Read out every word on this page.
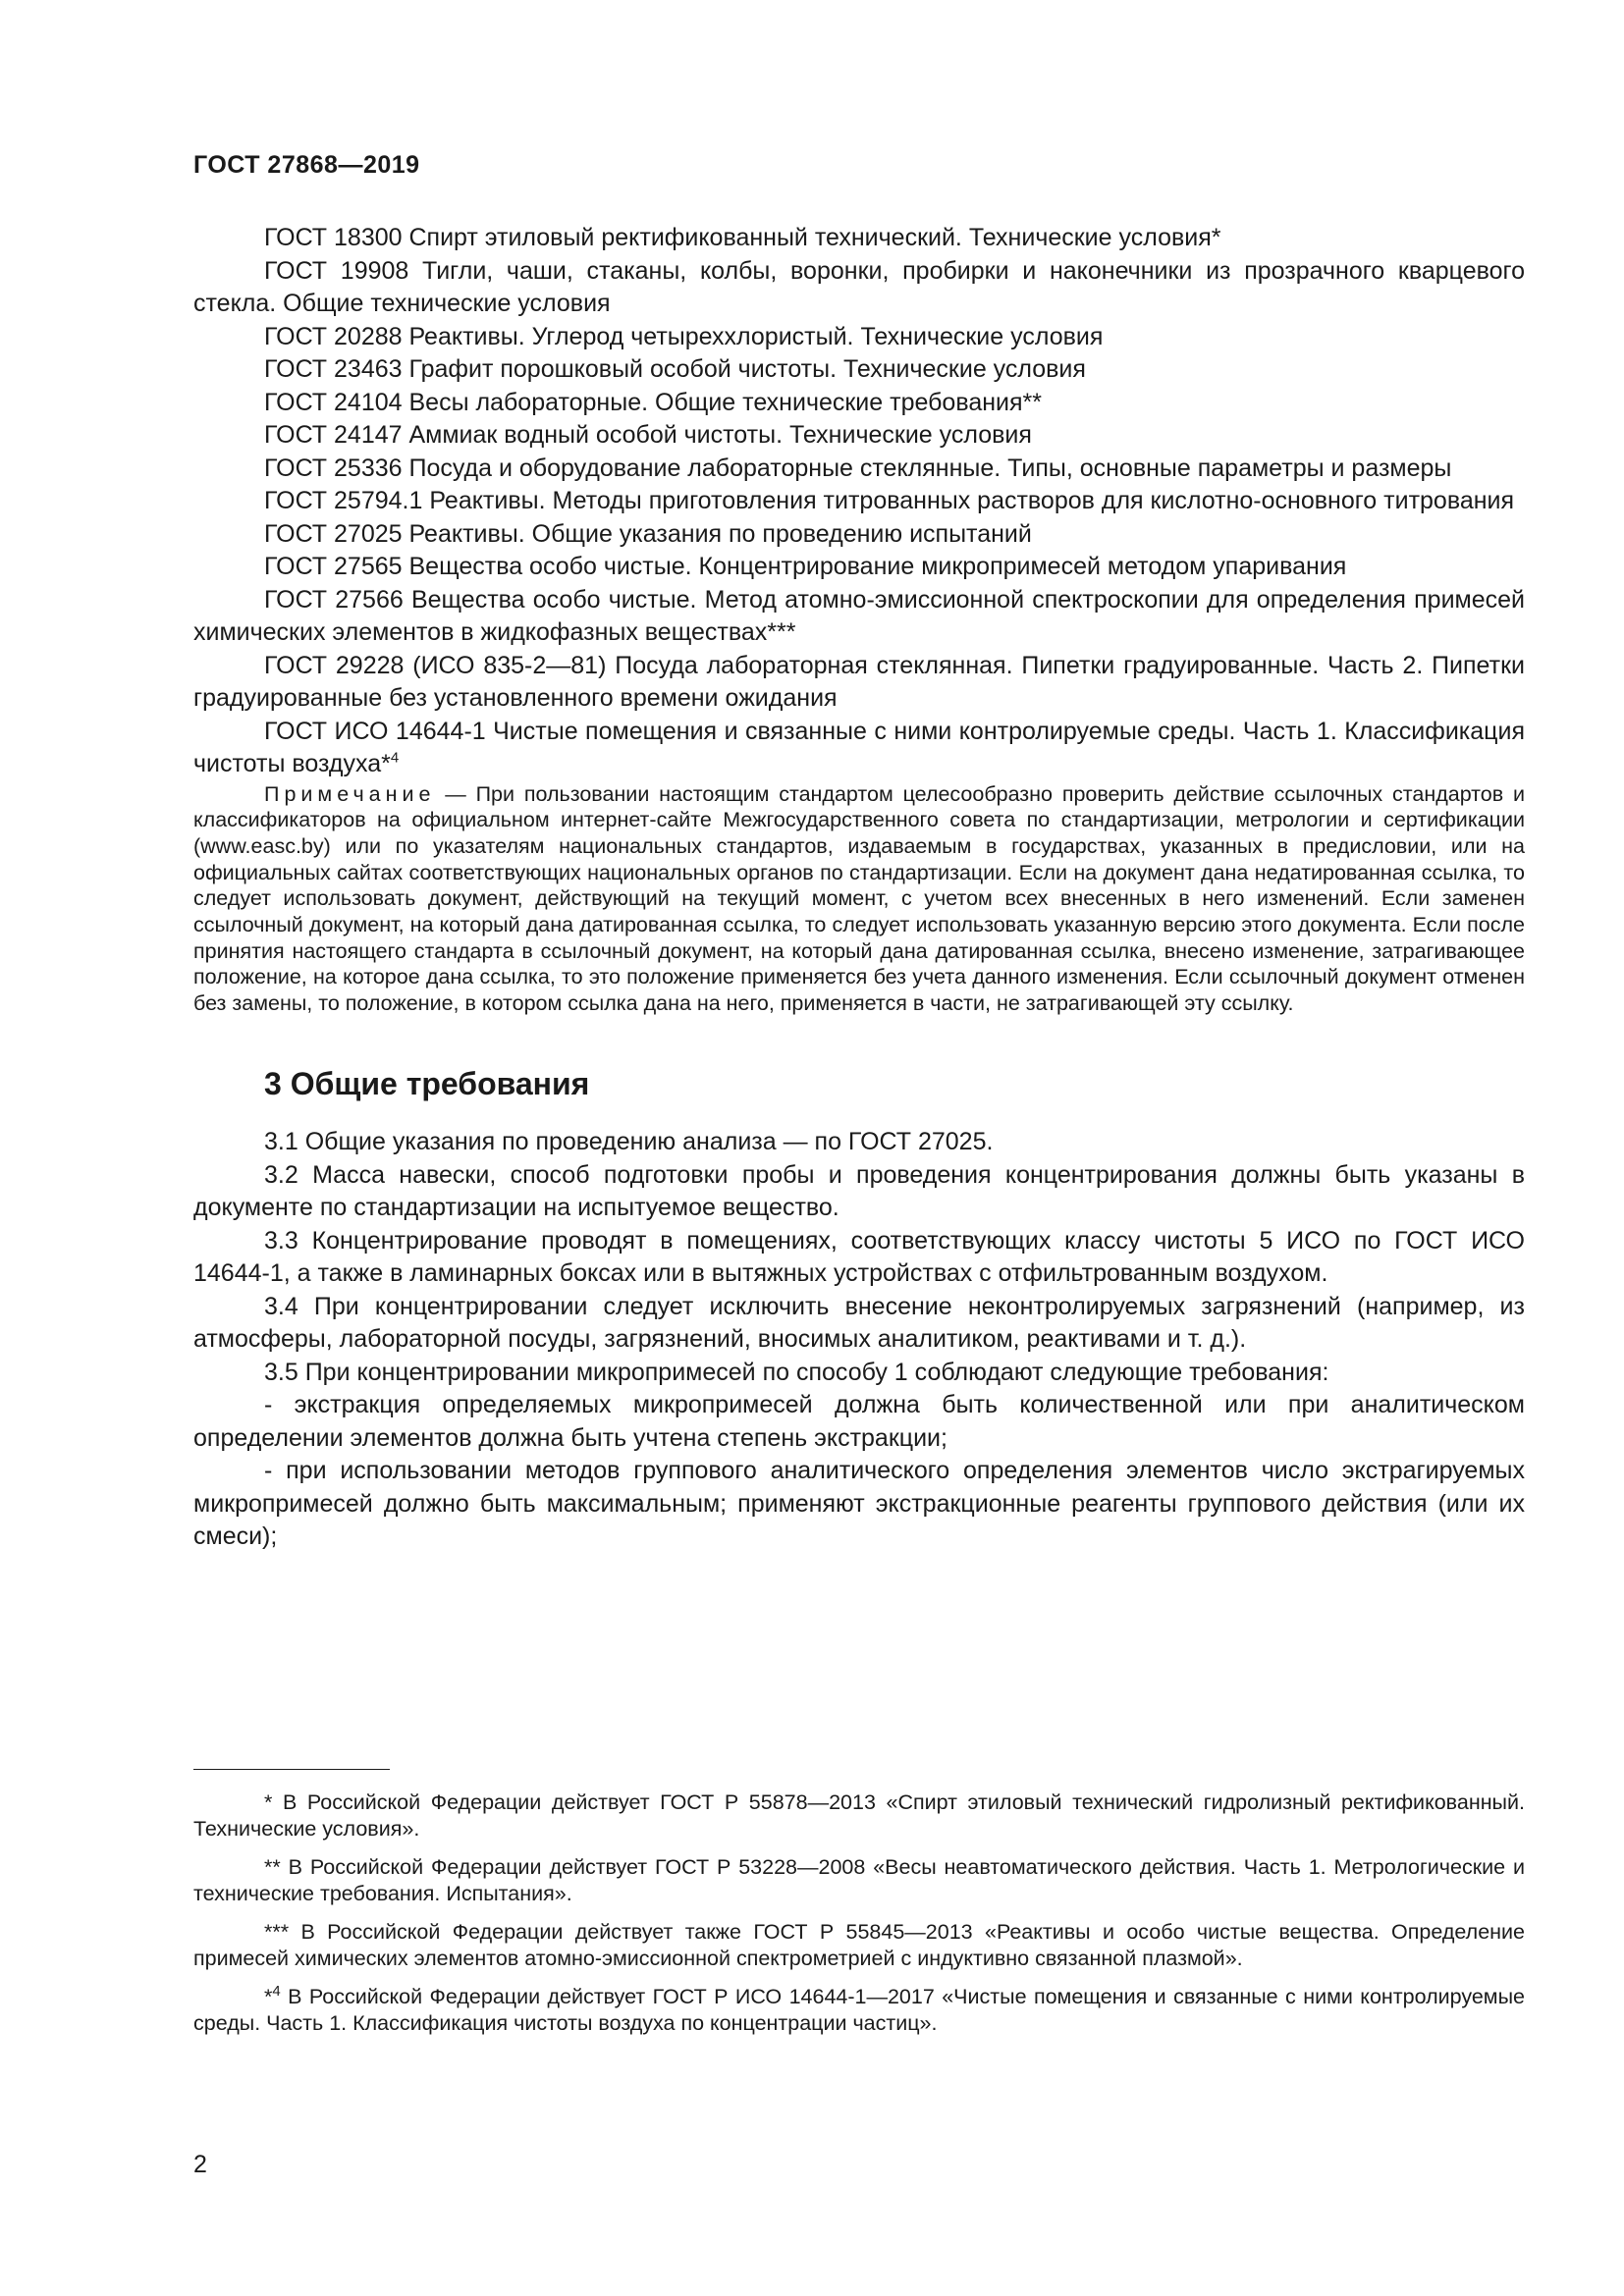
ГОСТ 27868—2019

ГОСТ 18300 Спирт этиловый ректификованный технический. Технические условия*

ГОСТ 19908 Тигли, чаши, стаканы, колбы, воронки, пробирки и наконечники из прозрачного кварцевого стекла. Общие технические условия

ГОСТ 20288 Реактивы. Углерод четыреххлористый. Технические условия

ГОСТ 23463 Графит порошковый особой чистоты. Технические условия

ГОСТ 24104 Весы лабораторные. Общие технические требования**

ГОСТ 24147 Аммиак водный особой чистоты. Технические условия

ГОСТ 25336 Посуда и оборудование лабораторные стеклянные. Типы, основные параметры и размеры

ГОСТ 25794.1 Реактивы. Методы приготовления титрованных растворов для кислотно-основного титрования

ГОСТ 27025 Реактивы. Общие указания по проведению испытаний

ГОСТ 27565 Вещества особо чистые. Концентрирование микропримесей методом упаривания

ГОСТ 27566 Вещества особо чистые. Метод атомно-эмиссионной спектроскопии для определения примесей химических элементов в жидкофазных веществах***

ГОСТ 29228 (ИСО 835-2—81) Посуда лабораторная стеклянная. Пипетки градуированные. Часть 2. Пипетки градуированные без установленного времени ожидания

ГОСТ ИСО 14644-1 Чистые помещения и связанные с ними контролируемые среды. Часть 1. Классификация чистоты воздуха*$^4$

Примечание — При пользовании настоящим стандартом целесообразно проверить действие ссылочных стандартов и классификаторов на официальном интернет-сайте Межгосударственного совета по стандартизации, метрологии и сертификации (www.easc.by) или по указателям национальных стандартов, издаваемым в государствах, указанных в предисловии, или на официальных сайтах соответствующих национальных органов по стандартизации. Если на документ дана недатированная ссылка, то следует использовать документ, действующий на текущий момент, с учетом всех внесенных в него изменений. Если заменен ссылочный документ, на который дана датированная ссылка, то следует использовать указанную версию этого документа. Если после принятия настоящего стандарта в ссылочный документ, на который дана датированная ссылка, внесено изменение, затрагивающее положение, на которое дана ссылка, то это положение применяется без учета данного изменения. Если ссылочный документ отменен без замены, то положение, в котором ссылка дана на него, применяется в части, не затрагивающей эту ссылку.

3 Общие требования

3.1 Общие указания по проведению анализа — по ГОСТ 27025.

3.2 Масса навески, способ подготовки пробы и проведения концентрирования должны быть указаны в документе по стандартизации на испытуемое вещество.

3.3 Концентрирование проводят в помещениях, соответствующих классу чистоты 5 ИСО по ГОСТ ИСО 14644-1, а также в ламинарных боксах или в вытяжных устройствах с отфильтрованным воздухом.

3.4 При концентрировании следует исключить внесение неконтролируемых загрязнений (например, из атмосферы, лабораторной посуды, загрязнений, вносимых аналитиком, реактивами и т. д.).

3.5 При концентрировании микропримесей по способу 1 соблюдают следующие требования:

- экстракция определяемых микропримесей должна быть количественной или при аналитическом определении элементов должна быть учтена степень экстракции;

- при использовании методов группового аналитического определения элементов число экстрагируемых микропримесей должно быть максимальным; применяют экстракционные реагенты группового действия (или их смеси);

* В Российской Федерации действует ГОСТ Р 55878—2013 «Спирт этиловый технический гидролизный ректификованный. Технические условия».

** В Российской Федерации действует ГОСТ Р 53228—2008 «Весы неавтоматического действия. Часть 1. Метрологические и технические требования. Испытания».

*** В Российской Федерации действует также ГОСТ Р 55845—2013 «Реактивы и особо чистые вещества. Определение примесей химических элементов атомно-эмиссионной спектрометрией с индуктивно связанной плазмой».

*$^4$ В Российской Федерации действует ГОСТ Р ИСО 14644-1—2017 «Чистые помещения и связанные с ними контролируемые среды. Часть 1. Классификация чистоты воздуха по концентрации частиц».

2
